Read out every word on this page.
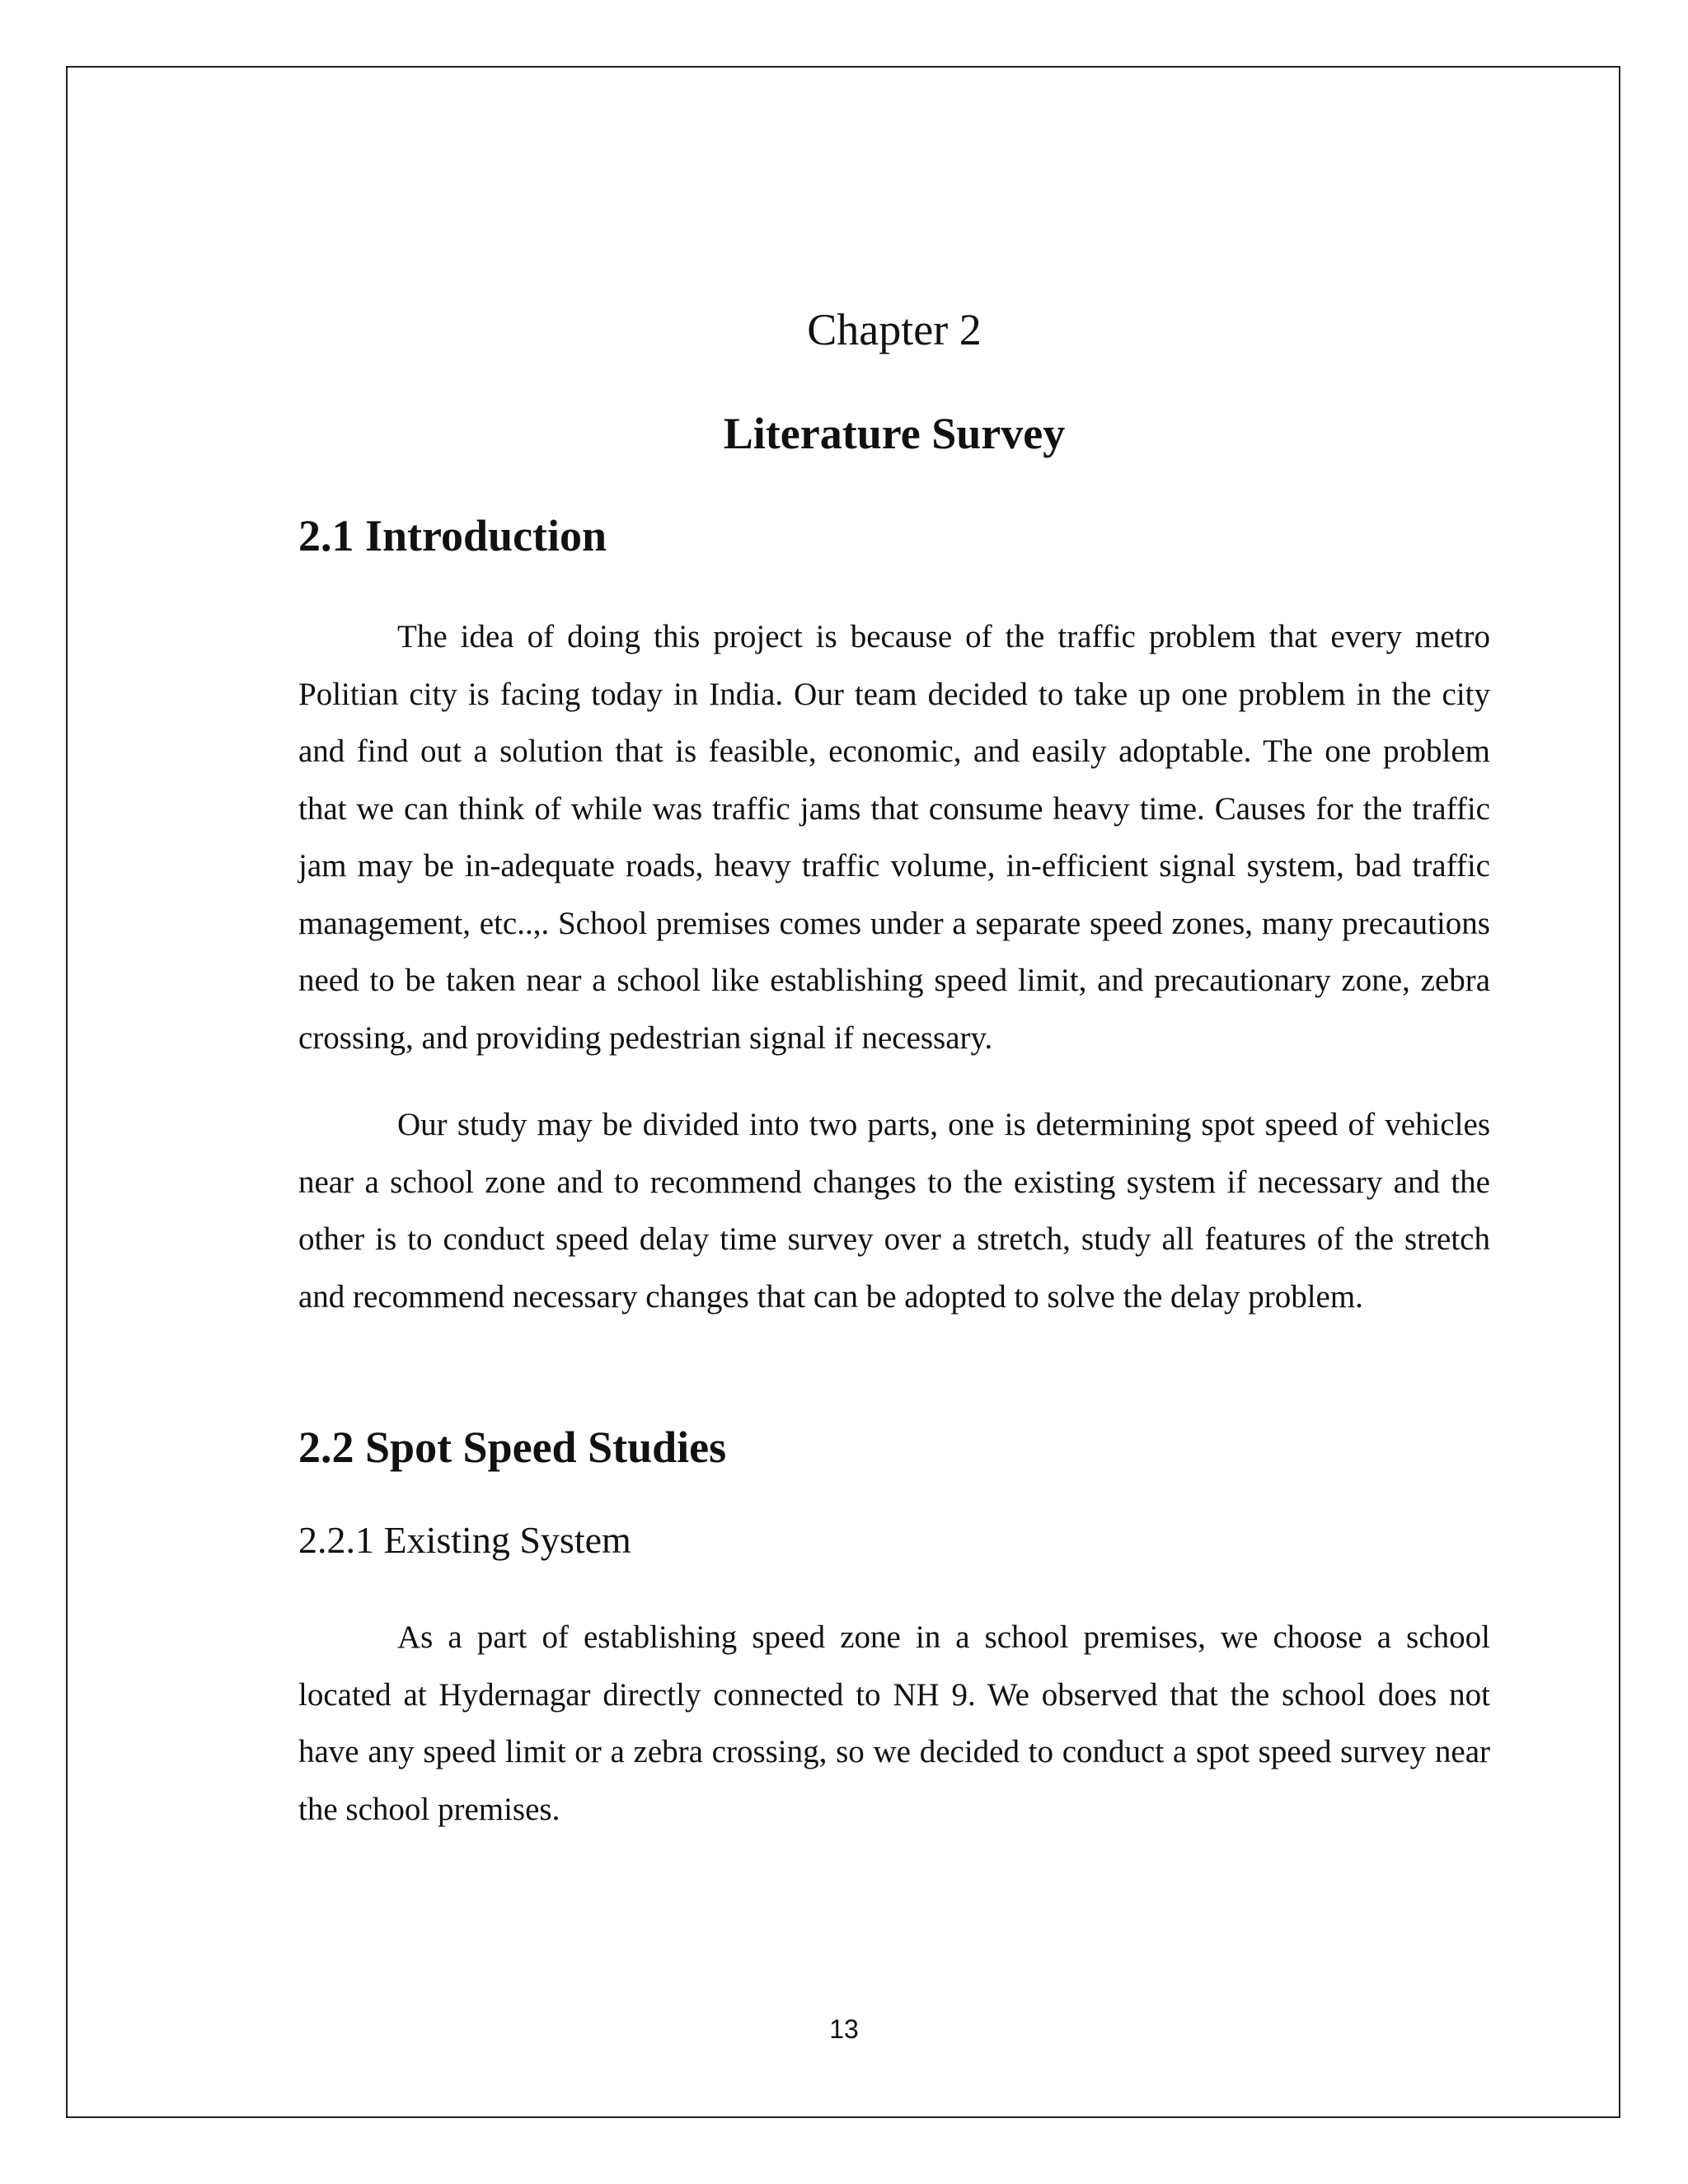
Chapter 2
Literature Survey
2.1 Introduction

The idea of doing this project is because of the traffic problem that every metro Politian city is facing today in India. Our team decided to take up one problem in the city and find out a solution that is feasible, economic, and easily adoptable. The one problem that we can think of while was traffic jams that consume heavy time. Causes for the traffic jam may be in-adequate roads, heavy traffic volume, in-efficient signal system, bad traffic management, etc..,. School premises comes under a separate speed zones, many precautions need to be taken near a school like establishing speed limit, and precautionary zone, zebra crossing, and providing pedestrian signal if necessary.

Our study may be divided into two parts, one is determining spot speed of vehicles near a school zone and to recommend changes to the existing system if necessary and the other is to conduct speed delay time survey over a stretch, study all features of the stretch and recommend necessary changes that can be adopted to solve the delay problem.

2.2 Spot Speed Studies
2.2.1 Existing System

As a part of establishing speed zone in a school premises, we choose a school located at Hydernagar directly connected to NH 9. We observed that the school does not have any speed limit or a zebra crossing, so we decided to conduct a spot speed survey near the school premises.

13
